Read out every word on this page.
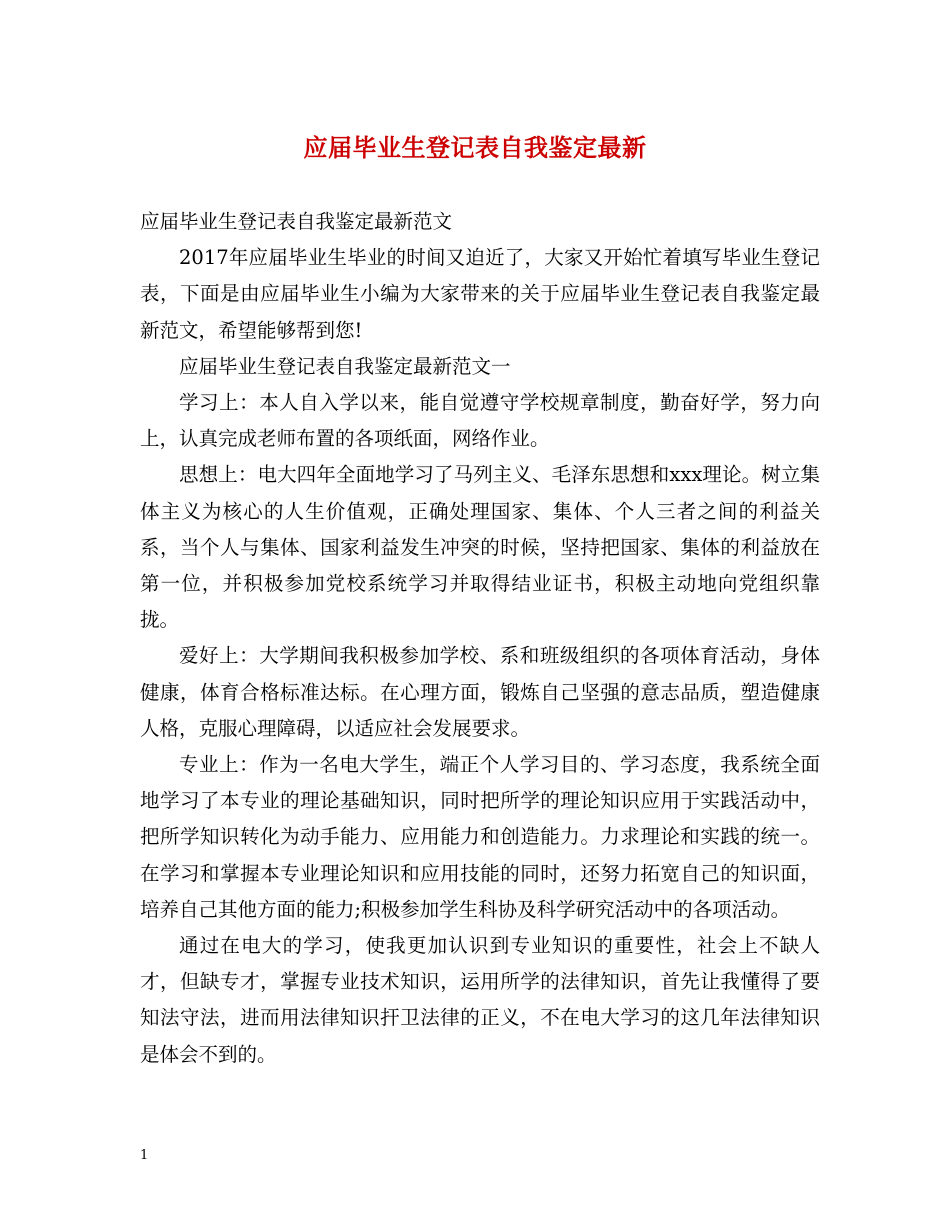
应届毕业生登记表自我鉴定最新

应届毕业生登记表自我鉴定最新范文

2017年应届毕业生毕业的时间又迫近了，大家又开始忙着填写毕业生登记表，下面是由应届毕业生小编为大家带来的关于应届毕业生登记表自我鉴定最新范文，希望能够帮到您!

应届毕业生登记表自我鉴定最新范文一

学习上：本人自入学以来，能自觉遵守学校规章制度，勤奋好学，努力向上，认真完成老师布置的各项纸面，网络作业。

思想上：电大四年全面地学习了马列主义、毛泽东思想和xxx理论。树立集体主义为核心的人生价值观，正确处理国家、集体、个人三者之间的利益关系，当个人与集体、国家利益发生冲突的时候，坚持把国家、集体的利益放在第一位，并积极参加党校系统学习并取得结业证书，积极主动地向党组织靠拢。

爱好上：大学期间我积极参加学校、系和班级组织的各项体育活动，身体健康，体育合格标准达标。在心理方面，锻炼自己坚强的意志品质，塑造健康人格，克服心理障碍，以适应社会发展要求。

专业上：作为一名电大学生，端正个人学习目的、学习态度，我系统全面地学习了本专业的理论基础知识，同时把所学的理论知识应用于实践活动中，把所学知识转化为动手能力、应用能力和创造能力。力求理论和实践的统一。在学习和掌握本专业理论知识和应用技能的同时，还努力拓宽自己的知识面，培养自己其他方面的能力;积极参加学生科协及科学研究活动中的各项活动。

通过在电大的学习，使我更加认识到专业知识的重要性，社会上不缺人才，但缺专才，掌握专业技术知识，运用所学的法律知识，首先让我懂得了要知法守法，进而用法律知识扞卫法律的正义，不在电大学习的这几年法律知识是体会不到的。

1
